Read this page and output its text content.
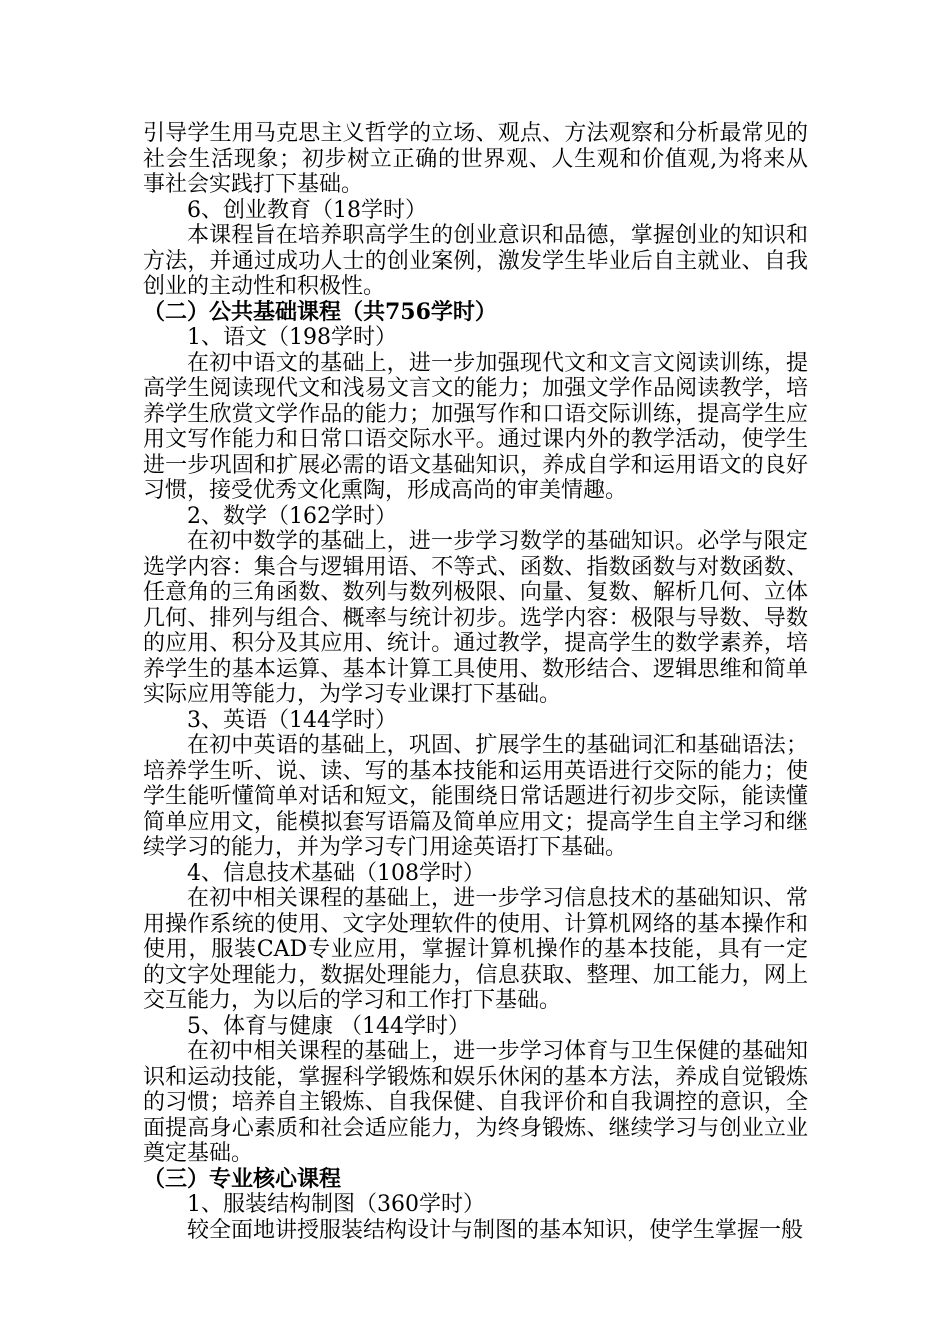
引导学生用马克思主义哲学的立场、观点、方法观察和分析最常见的社会生活现象；初步树立正确的世界观、人生观和价值观,为将来从事社会实践打下基础。

6、创业教育（18学时）

本课程旨在培养职高学生的创业意识和品德，掌握创业的知识和方法，并通过成功人士的创业案例，激发学生毕业后自主就业、自我创业的主动性和积极性。

（二）公共基础课程（共756学时）

1、语文（198学时）

在初中语文的基础上，进一步加强现代文和文言文阅读训练，提高学生阅读现代文和浅易文言文的能力；加强文学作品阅读教学，培养学生欣赏文学作品的能力；加强写作和口语交际训练，提高学生应用文写作能力和日常口语交际水平。通过课内外的教学活动，使学生进一步巩固和扩展必需的语文基础知识，养成自学和运用语文的良好习惯，接受优秀文化熏陶，形成高尚的审美情趣。

2、数学（162学时）

在初中数学的基础上，进一步学习数学的基础知识。必学与限定选学内容：集合与逻辑用语、不等式、函数、指数函数与对数函数、任意角的三角函数、数列与数列极限、向量、复数、解析几何、立体几何、排列与组合、概率与统计初步。选学内容：极限与导数、导数的应用、积分及其应用、统计。通过教学，提高学生的数学素养，培养学生的基本运算、基本计算工具使用、数形结合、逻辑思维和简单实际应用等能力，为学习专业课打下基础。

3、英语（144学时）

在初中英语的基础上，巩固、扩展学生的基础词汇和基础语法；培养学生听、说、读、写的基本技能和运用英语进行交际的能力；使学生能听懂简单对话和短文，能围绕日常话题进行初步交际，能读懂简单应用文，能模拟套写语篇及简单应用文；提高学生自主学习和继续学习的能力，并为学习专门用途英语打下基础。

4、信息技术基础（108学时）

在初中相关课程的基础上，进一步学习信息技术的基础知识、常用操作系统的使用、文字处理软件的使用、计算机网络的基本操作和使用，服装CAD专业应用，掌握计算机操作的基本技能，具有一定的文字处理能力，数据处理能力，信息获取、整理、加工能力，网上交互能力，为以后的学习和工作打下基础。

5、体育与健康 （144学时）

在初中相关课程的基础上，进一步学习体育与卫生保健的基础知识和运动技能，掌握科学锻炼和娱乐休闲的基本方法，养成自觉锻炼的习惯；培养自主锻炼、自我保健、自我评价和自我调控的意识，全面提高身心素质和社会适应能力，为终身锻炼、继续学习与创业立业奠定基础。

（三）专业核心课程

1、服装结构制图（360学时）

较全面地讲授服装结构设计与制图的基本知识，使学生掌握一般
